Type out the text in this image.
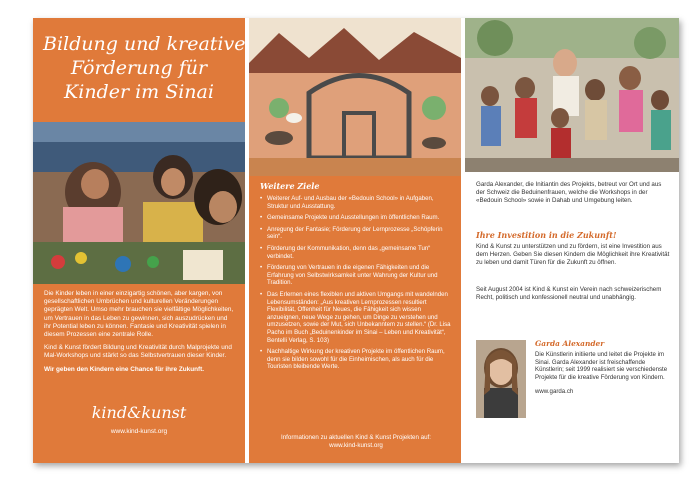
Bildung und kreative
Förderung für
Kinder im Sinai

Die Kinder leben in einer einzigartig schönen, aber kargen, von gesellschaftlichen Umbrüchen und kulturellen Veränderungen geprägten Welt. Umso mehr brauchen sie vielfältige Möglichkeiten, um Vertrauen in das Leben zu gewinnen, sich auszudrücken und ihr Potential leben zu können. Fantasie und Kreativität spielen in diesem Prozessen eine zentrale Rolle.

Kind & Kunst fördert Bildung und Kreativität durch Malprojekte und Mal-Workshops und stärkt so das Selbstvertrauen dieser Kinder.

Wir geben den Kindern eine Chance für ihre Zukunft.

kind&kunst
www.kind-kunst.org
Weitere Ziele
• Weiterer Auf- und Ausbau der «Bedouin School» in Aufgaben, Struktur und Ausstattung.
• Gemeinsame Projekte und Ausstellungen im öffentlichen Raum.
• Anregung der Fantasie; Förderung der Lernprozesse „Schöpferin sein“.
• Förderung der Kommunikation, denn das „gemeinsame Tun“ verbindet.
• Förderung von Vertrauen in die eigenen Fähigkeiten und die Erfahrung von Selbstwirksamkeit unter Wahrung der Kultur und Tradition.
• Das Erlernen eines flexiblen und aktiven Umgangs mit wandelnden Lebensumständen: „Aus kreativen Lernprozessen resultiert Flexibilität, Offenheit für Neues, die Fähigkeit sich wissen anzueignen, neue Wege zu gehen, um Dinge zu verstehen und umzusetzen, sowie der Mut, sich Unbekanntem zu stellen.“ (Dr. Lisa Pacho im Buch „Beduinenkinder im Sinai – Leben und Kreativität“, Bentelli Verlag, S. 103)
• Nachhaltige Wirkung der kreativen Projekte im öffentlichen Raum, denn sie bilden sowohl für die Einheimischen, als auch für die Touristen bleibende Werte.
Informationen zu aktuellen Kind & Kunst Projekten auf:
www.kind-kunst.org

Garda Alexander, die Initiantin des Projekts, betreut vor Ort und aus der Schweiz die Beduinenfrauen, welche die Workshops in der «Bedouin School» sowie in Dahab und Umgebung leiten.

Ihre Investition in die Zukunft!

Kind & Kunst zu unterstützen und zu fördern, ist eine Investition aus dem Herzen. Geben Sie diesen Kindern die Möglichkeit ihre Kreativität zu leben und damit Türen für die Zukunft zu öffnen.

Seit August 2004 ist Kind & Kunst ein Verein nach schweizerischem Recht, politisch und konfessionell neutral und unabhängig.

Garda Alexander
Die Künstlerin initiierte und leitet die Projekte im Sinai. Garda Alexander ist freischaffende Künstlerin; seit 1999 realisiert sie verschiedenste Projekte für die kreative Förderung von Kindern.
www.garda.ch
